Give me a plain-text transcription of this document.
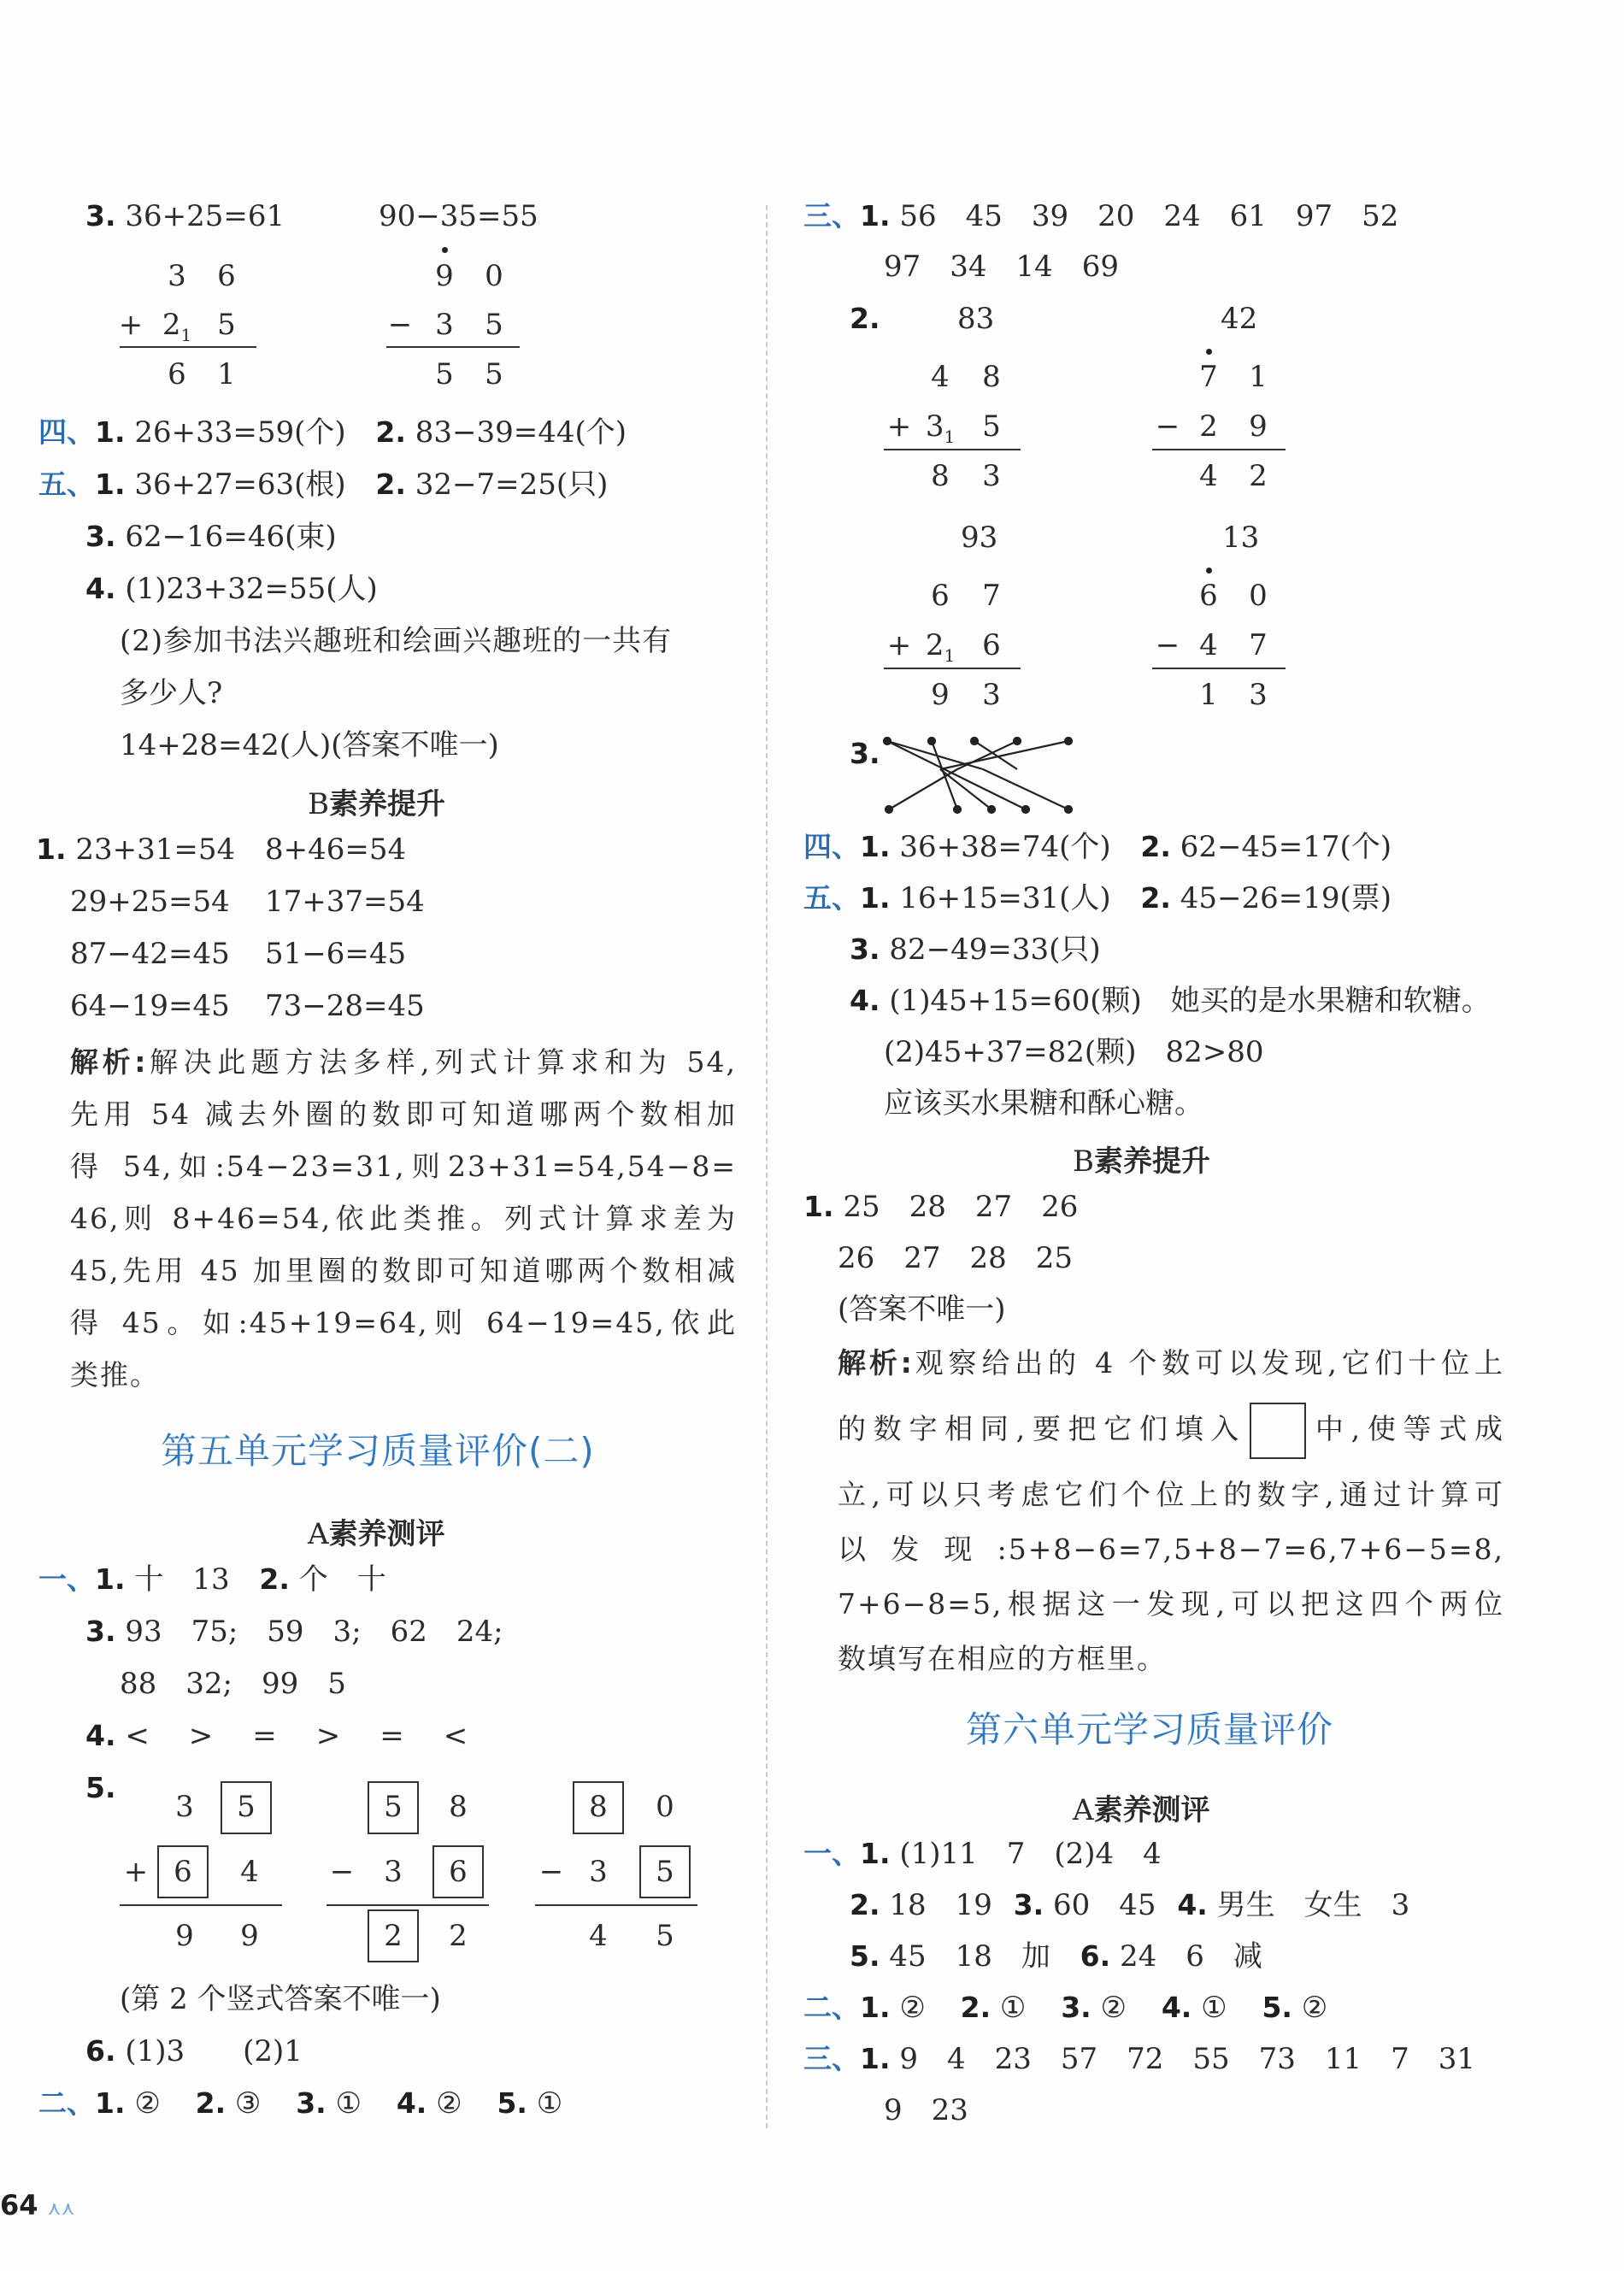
3. 36+25=61	90−35=55
3 6
+ $2_1$ 5
6 1
9 0
− 3 5
5 5
四、1. 26+33=59(个) 2. 83−39=44(个)
五、1. 36+27=63(根) 2. 32−7=25(只)
3. 62−16=46(束)
4. (1)23+32=55(人)
(2)参加书法兴趣班和绘画兴趣班的一共有
多少人?
14+28=42(人)(答案不唯一)
B素养提升
1. 23+31=54 8+46=54
29+25=54 17+37=54
87−42=45 51−6=45
64−19=45 73−28=45
解析:解决此题方法多样,列式计算求和为 54,
先用 54 减去外圈的数即可知道哪两个数相加
得 54,如:54−23=31,则23+31=54,54−8=
46,则 8+46=54,依此类推。列式计算求差为
45,先用 45 加里圈的数即可知道哪两个数相减
得 45。如:45+19=64,则 64−19=45,依此
类推。
第五单元学习质量评价(二)
A素养测评
一、1. 十　13 2. 个　十
3. 93　75;　59　3;　62　24;
88　32;　99　5
4. <　>　=　>　=　<
5.
3 5
+ 6 4
9 9
5 8
− 3 6
2 2
8 0
− 3 5
4 5
(第 2 个竖式答案不唯一)
6. (1)3　　(2)1
二、1. ② 2. ③ 3. ① 4. ② 5. ①
三、1. 56　45　39　20　24　61　97　52
97　34　14　69
2.	83
4 8
+ $3_1$ 5
8 3
42
7 1
− 2 9
4 2
93
6 7
+ $2_1$ 6
9 3
13
6 0
− 4 7
1 3
3.
四、1. 36+38=74(个) 2. 62−45=17(个)
五、1. 16+15=31(人) 2. 45−26=19(票)
3. 82−49=33(只)
4. (1)45+15=60(颗)　她买的是水果糖和软糖。
(2)45+37=82(颗)　82>80
应该买水果糖和酥心糖。
B素养提升
1. 25　28　27　26
26　27　28　25
(答案不唯一)
解析:观察给出的 4 个数可以发现,它们十位上
的数字相同,要把它们填入 中,使等式成
立,可以只考虑它们个位上的数字,通过计算可
以发现:5+8−6=7,5+8−7=6,7+6−5=8,
7+6−8=5,根据这一发现,可以把这四个两位
数填写在相应的方框里。
第六单元学习质量评价
A素养测评
一、1. (1)11　7　(2)4　4
2. 18　19 3. 60　45 4. 男生　女生　3
5. 45　18　加 6. 24　6　减
二、1. ② 2. ① 3. ② 4. ① 5. ②
三、1. 9　4　23　57　72　55　73　11　7　31
9　23
64 ⋏⋏
